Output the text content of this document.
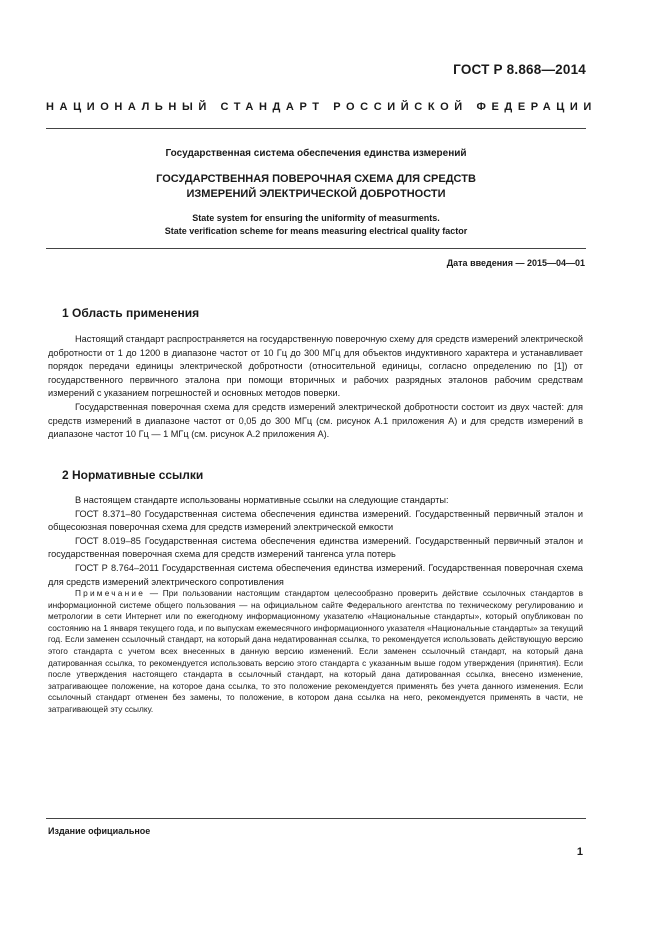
ГОСТ Р 8.868—2014
НАЦИОНАЛЬНЫЙ СТАНДАРТ РОССИЙСКОЙ ФЕДЕРАЦИИ
Государственная система обеспечения единства измерений
ГОСУДАРСТВЕННАЯ ПОВЕРОЧНАЯ СХЕМА ДЛЯ СРЕДСТВ
ИЗМЕРЕНИЙ ЭЛЕКТРИЧЕСКОЙ ДОБРОТНОСТИ
State system for ensuring the uniformity of measurments.
State verification scheme for means measuring electrical quality factor
Дата введения — 2015—04—01
1 Область применения

Настоящий стандарт распространяется на государственную поверочную схему для средств измерений электрической добротности от 1 до 1200 в диапазоне частот от 10 Гц до 300 МГц для объектов индуктивного характера и устанавливает порядок передачи единицы электрической добротности (относительной единицы, согласно определению по [1]) от государственного первичного эталона при помощи вторичных и рабочих разрядных эталонов рабочим средствам измерений с указанием погрешностей и основных методов поверки.

Государственная поверочная схема для средств измерений электрической добротности состоит из двух частей: для средств измерений в диапазоне частот от 0,05 до 300 МГц (см. рисунок А.1 приложения А) и для средств измерений в диапазоне частот 10 Гц — 1 МГц (см. рисунок А.2 приложения А).

2 Нормативные ссылки

В настоящем стандарте использованы нормативные ссылки на следующие стандарты:

ГОСТ 8.371–80 Государственная система обеспечения единства измерений. Государственный первичный эталон и общесоюзная поверочная схема для средств измерений электрической емкости

ГОСТ 8.019–85 Государственная система обеспечения единства измерений. Государственный первичный эталон и государственная поверочная схема для средств измерений тангенса угла потерь

ГОСТ Р 8.764–2011 Государственная система обеспечения единства измерений. Государственная поверочная схема для средств измерений электрического сопротивления

Примечание — При пользовании настоящим стандартом целесообразно проверить действие ссылочных стандартов в информационной системе общего пользования — на официальном сайте Федерального агентства по техническому регулированию и метрологии в сети Интернет или по ежегодному информационному указателю «Национальные стандарты», который опубликован по состоянию на 1 января текущего года, и по выпускам ежемесячного информационного указателя «Национальные стандарты» за текущий год. Если заменен ссылочный стандарт, на который дана недатированная ссылка, то рекомендуется использовать действующую версию этого стандарта с учетом всех внесенных в данную версию изменений. Если заменен ссылочный стандарт, на который дана датированная ссылка, то рекомендуется использовать версию этого стандарта с указанным выше годом утверждения (принятия). Если после утверждения настоящего стандарта в ссылочный стандарт, на который дана датированная ссылка, внесено изменение, затрагивающее положение, на которое дана ссылка, то это положение рекомендуется применять без учета данного изменения. Если ссылочный стандарт отменен без замены, то положение, в котором дана ссылка на него, рекомендуется применять в части, не затрагивающей эту ссылку.
Издание официальное
1
